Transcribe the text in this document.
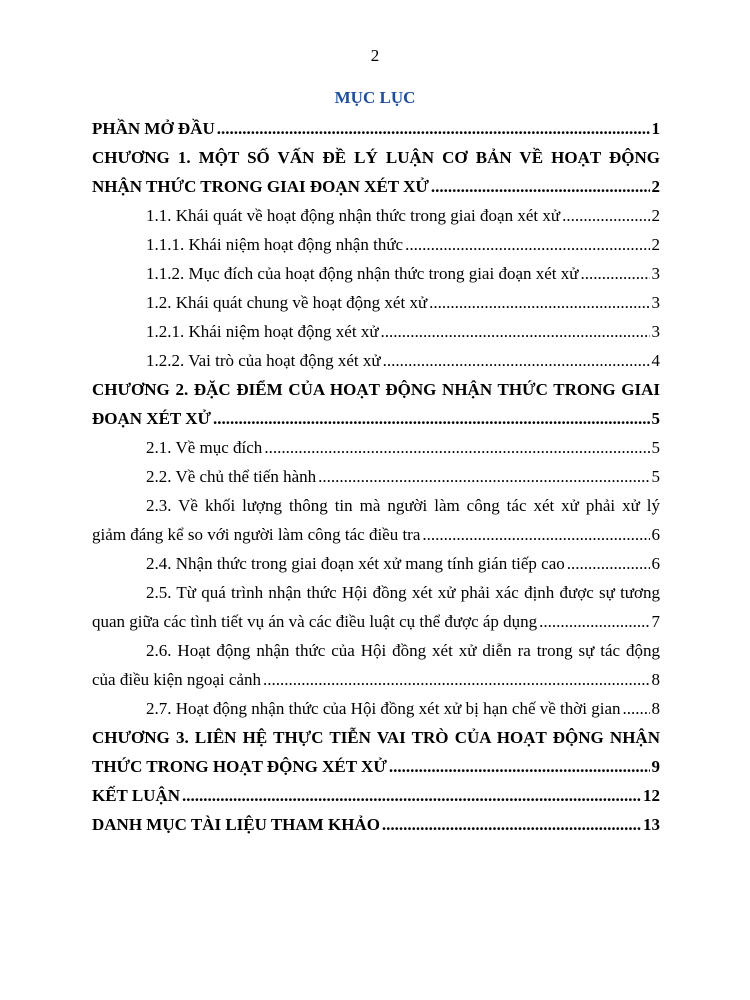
2
MỤC LỤC
PHẦN MỞ ĐẦU .....	1
CHƯƠNG 1. MỘT SỐ VẤN ĐỀ LÝ LUẬN CƠ BẢN VỀ HOẠT ĐỘNG
NHẬN THỨC TRONG GIAI ĐOẠN XÉT XỬ .....	2
1.1. Khái quát về hoạt động nhận thức trong giai đoạn xét xử .....	2
1.1.1. Khái niệm hoạt động nhận thức .....	2
1.1.2. Mục đích của hoạt động nhận thức trong giai đoạn xét xử .....	3
1.2. Khái quát chung về hoạt động xét xử .....	3
1.2.1. Khái niệm hoạt động xét xử .....	3
1.2.2. Vai trò của hoạt động xét xử .....	4
CHƯƠNG 2. ĐẶC ĐIỂM CỦA HOẠT ĐỘNG NHẬN THỨC TRONG GIAI
ĐOẠN XÉT XỬ .....	5
2.1. Về mục đích .....	5
2.2. Về chủ thể tiến hành .....	5
2.3. Về khối lượng thông tin mà người làm công tác xét xử phải xử lý
giảm đáng kể so với người làm công tác điều tra .....	6
2.4. Nhận thức trong giai đoạn xét xử mang tính gián tiếp cao .....	6
2.5. Từ quá trình nhận thức Hội đồng xét xử phải xác định được sự tương
quan giữa các tình tiết vụ án và các điều luật cụ thể được áp dụng .....	7
2.6. Hoạt động nhận thức của Hội đồng xét xử diễn ra trong sự tác động
của điều kiện ngoại cảnh .....	8
2.7. Hoạt động nhận thức của Hội đồng xét xử bị hạn chế về thời gian ..... 8
CHƯƠNG 3. LIÊN HỆ THỰC TIỄN VAI TRÒ CỦA HOẠT ĐỘNG NHẬN
THỨC TRONG HOẠT ĐỘNG XÉT XỬ .....	9
KẾT LUẬN .....	12
DANH MỤC TÀI LIỆU THAM KHẢO .....	13
